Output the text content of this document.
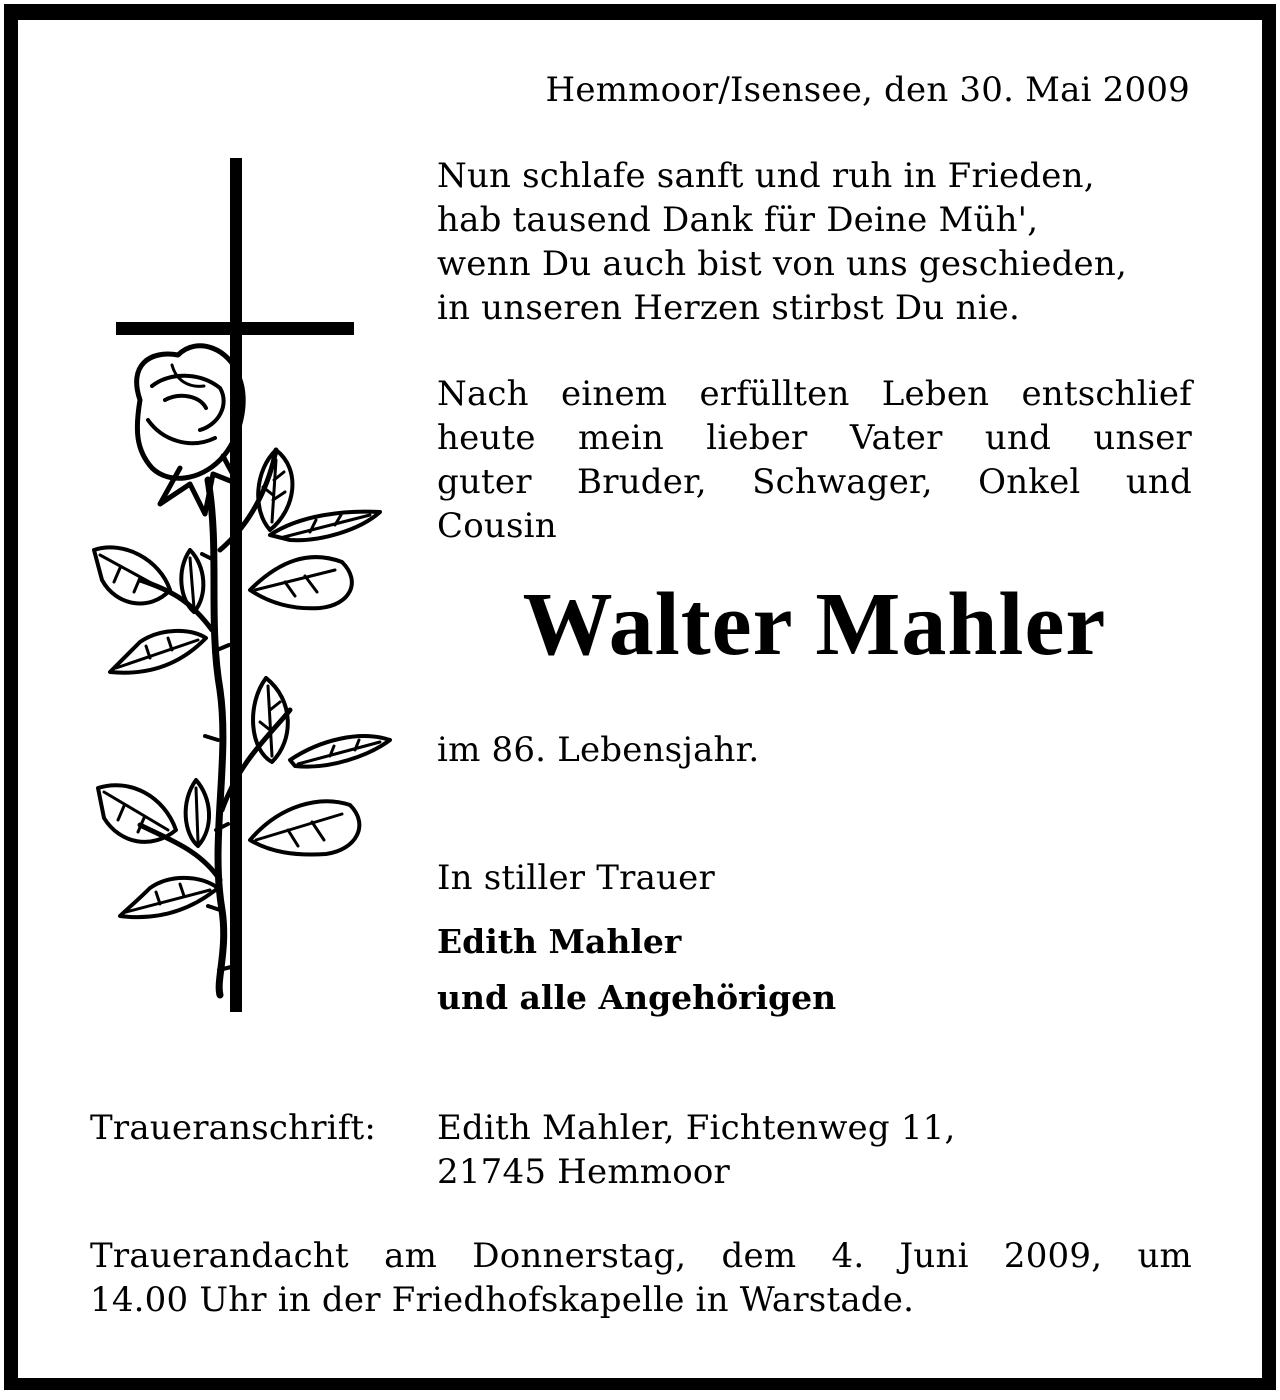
Hemmoor/Isensee, den 30. Mai 2009
Nun schlafe sanft und ruh in Frieden,
hab tausend Dank für Deine Müh',
wenn Du auch bist von uns geschieden,
in unseren Herzen stirbst Du nie.
Nach einem erfüllten Leben entschlief
heute mein lieber Vater und unser
guter Bruder, Schwager, Onkel und
Cousin
Walter Mahler
im 86. Lebensjahr.
In stiller Trauer
Edith Mahler
und alle Angehörigen
Traueranschrift: Edith Mahler, Fichtenweg 11,
21745 Hemmoor
Trauerandacht am Donnerstag, dem 4. Juni 2009, um
14.00 Uhr in der Friedhofskapelle in Warstade.
